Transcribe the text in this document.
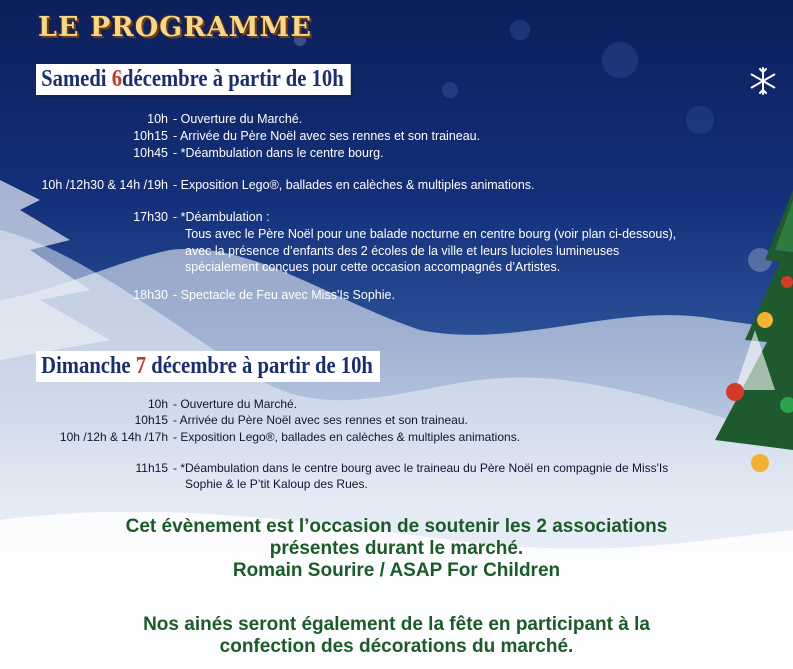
LE PROGRAMME
Samedi 6décembre à partir de 10h
10h - Ouverture du Marché.
10h15 - Arrivée du Père Noël avec ses rennes et son traineau.
10h45 - *Déambulation dans le centre bourg.
10h /12h30 & 14h /19h - Exposition Lego®, ballades en calèches & multiples animations.
17h30 - *Déambulation :
Tous avec le Père Noël pour une balade nocturne en centre bourg (voir plan ci-dessous),
avec la présence d’enfants des 2 écoles de la ville et leurs lucioles lumineuses
spécialement conçues pour cette occasion accompagnés d’Artistes.
18h30 - Spectacle de Feu avec Miss'Is Sophie.
Dimanche 7 décembre à partir de 10h
10h - Ouverture du Marché.
10h15 - Arrivée du Père Noël avec ses rennes et son traineau.
10h /12h & 14h /17h - Exposition Lego®, ballades en calèches & multiples animations.
11h15 - *Déambulation dans le centre bourg avec le traineau du Père Noël en compagnie de Miss'Is
Sophie & le P’tit Kaloup des Rues.
Cet évènement est l’occasion de soutenir les 2 associations
présentes durant le marché.
Romain Sourire / ASAP For Children
Nos ainés seront également de la fête en participant à la
confection des décorations du marché.
